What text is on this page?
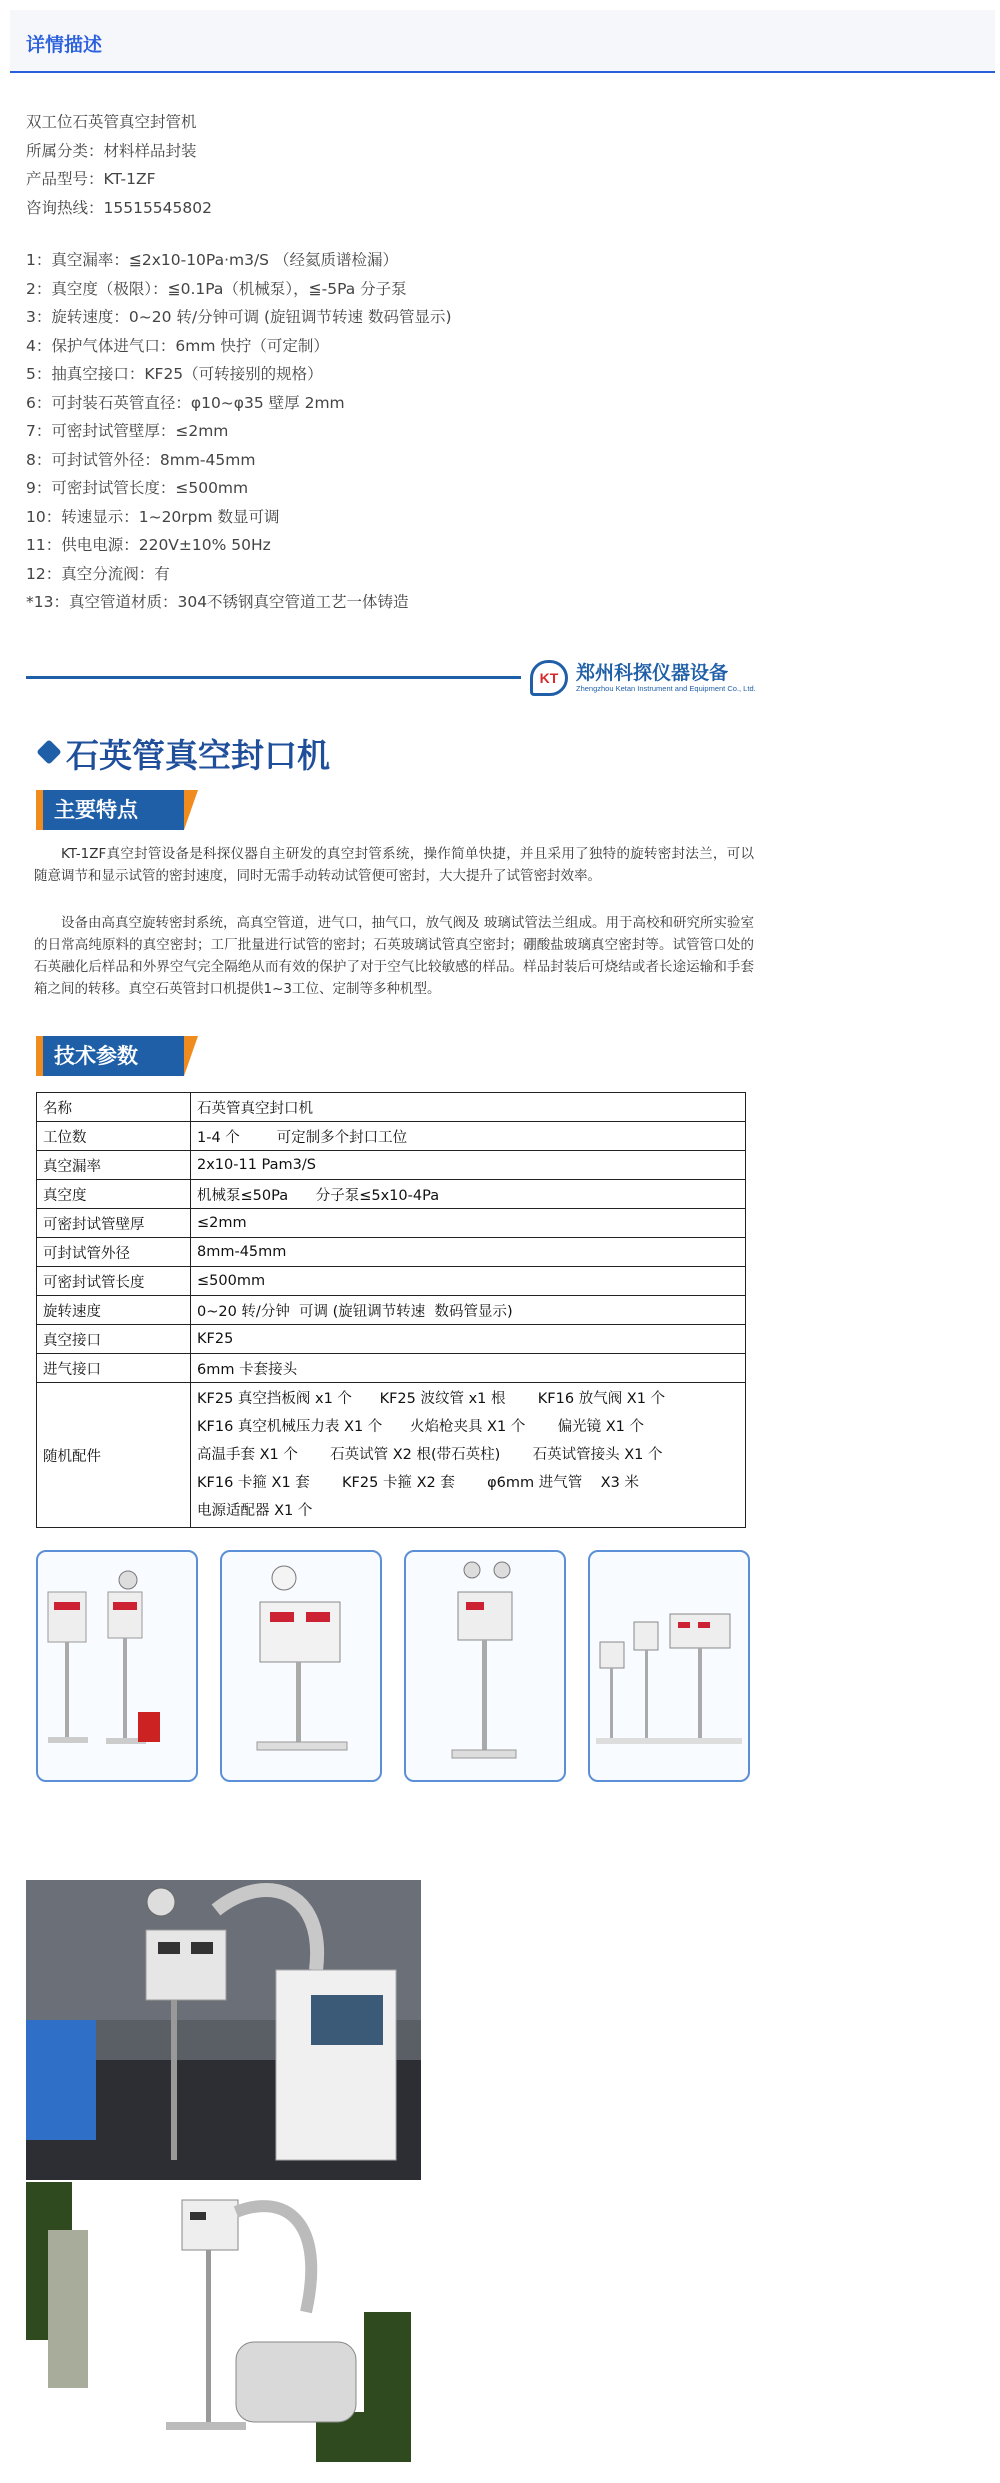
详情描述
双工位石英管真空封管机
所属分类：材料样品封装
产品型号：KT-1ZF
咨询热线：15515545802
1：真空漏率：≦2x10-10Pa·m3/S （经氦质谱检漏）
2：真空度（极限）：≦0.1Pa（机械泵），≦-5Pa 分子泵
3：旋转速度：0~20 转/分钟可调 (旋钮调节转速 数码管显示)
4：保护气体进气口：6mm 快拧（可定制）
5：抽真空接口：KF25（可转接别的规格）
6：可封装石英管直径：φ10~φ35 壁厚 2mm
7：可密封试管壁厚：≤2mm
8：可封试管外径：8mm-45mm
9：可密封试管长度：≤500mm
10：转速显示：1~20rpm 数显可调
11：供电电源：220V±10% 50Hz
12：真空分流阀：有
*13：真空管道材质：304不锈钢真空管道工艺一体铸造
KT 郑州科探仪器设备
Zhengzhou Ketan Instrument and Equipment Co., Ltd.
石英管真空封口机
主要特点
KT-1ZF真空封管设备是科探仪器自主研发的真空封管系统，操作简单快捷，并且采用了独特的旋转密封法兰，可以随意调节和显示试管的密封速度，同时无需手动转动试管便可密封，大大提升了试管密封效率。
设备由高真空旋转密封系统，高真空管道，进气口，抽气口，放气阀及 玻璃试管法兰组成。用于高校和研究所实验室的日常高纯原料的真空密封；工厂批量进行试管的密封；石英玻璃试管真空密封；硼酸盐玻璃真空密封等。试管管口处的石英融化后样品和外界空气完全隔绝从而有效的保护了对于空气比较敏感的样品。样品封装后可烧结或者长途运输和手套箱之间的转移。真空石英管封口机提供1~3工位、定制等多种机型。
技术参数
名称	石英管真空封口机
工位数	1-4 个        可定制多个封口工位
真空漏率	2x10-11 Pam3/S
真空度	机械泵≤50Pa      分子泵≤5x10-4Pa
可密封试管壁厚	≤2mm
可封试管外径	8mm-45mm
可密封试管长度	≤500mm
旋转速度	0~20 转/分钟  可调 (旋钮调节转速  数码管显示)
真空接口	KF25
进气接口	6mm 卡套接头
随机配件	KF25 真空挡板阀 x1 个      KF25 波纹管 x1 根       KF16 放气阀 X1 个
KF16 真空机械压力表 X1 个      火焰枪夹具 X1 个       偏光镜 X1 个
高温手套 X1 个       石英试管 X2 根(带石英柱)       石英试管接头 X1 个
KF16 卡箍 X1 套       KF25 卡箍 X2 套       φ6mm 进气管    X3 米
电源适配器 X1 个
